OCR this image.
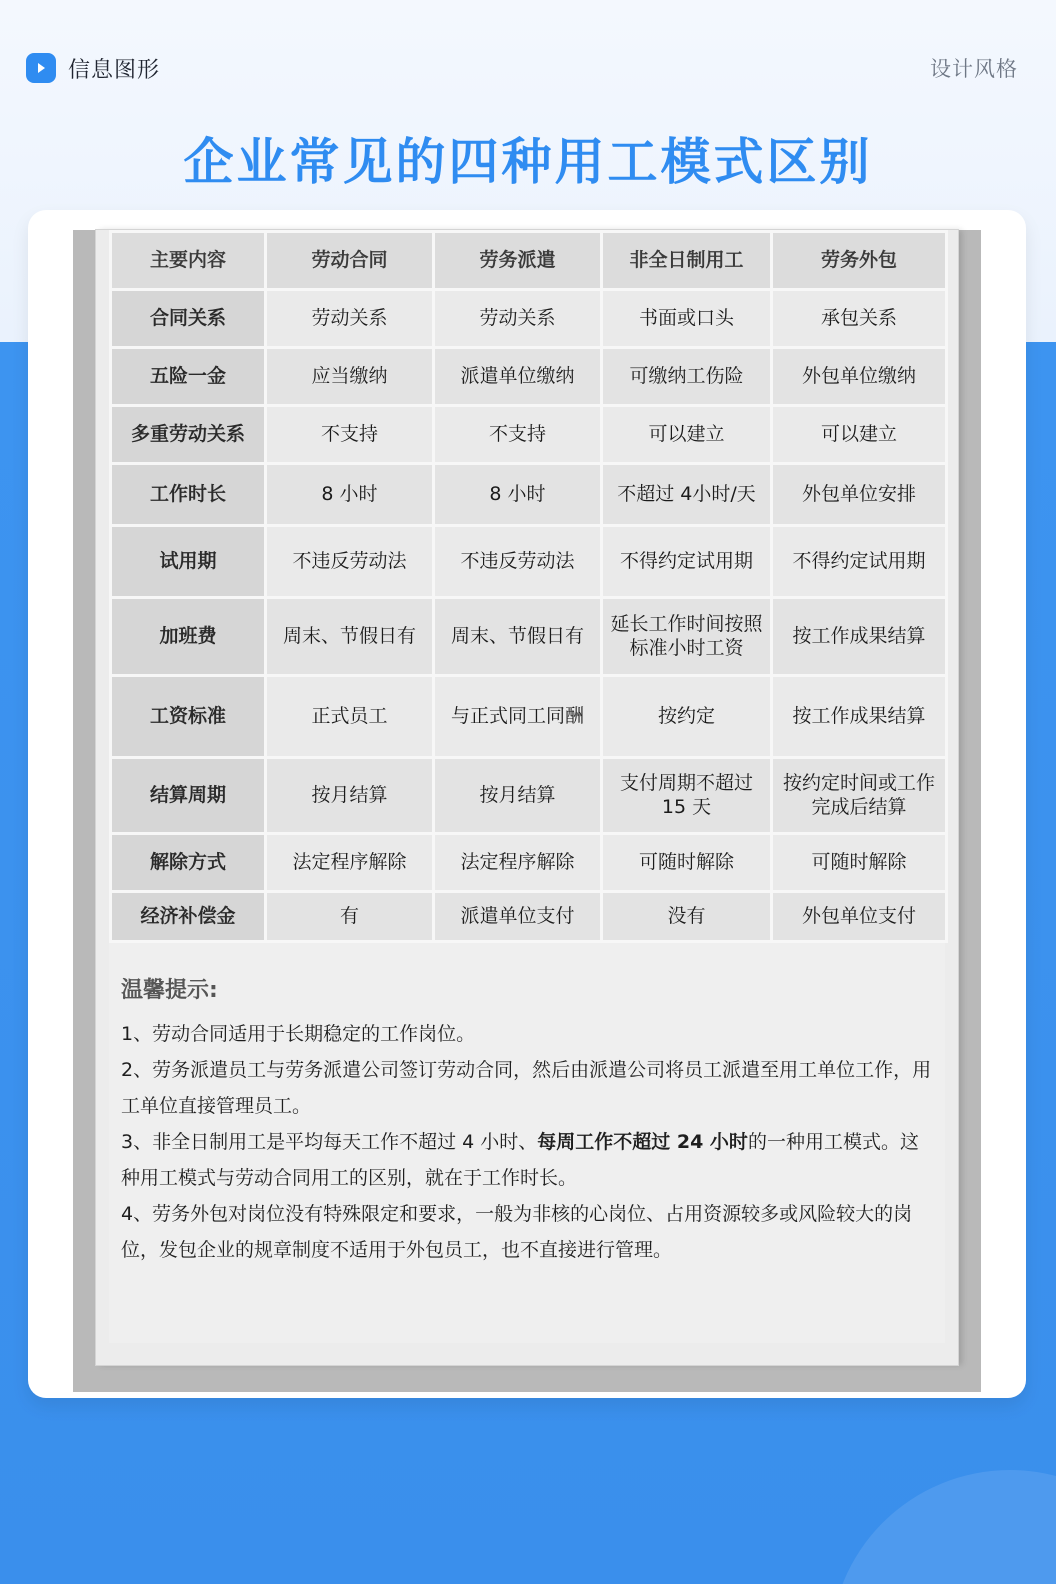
信息图形	设计风格
企业常见的四种用工模式区别
主要内容	劳动合同	劳务派遣	非全日制用工	劳务外包
合同关系	劳动关系	劳动关系	书面或口头	承包关系
五险一金	应当缴纳	派遣单位缴纳	可缴纳工伤险	外包单位缴纳
多重劳动关系	不支持	不支持	可以建立	可以建立
工作时长	8 小时	8 小时	不超过 4小时/天	外包单位安排
试用期	不违反劳动法	不违反劳动法	不得约定试用期	不得约定试用期
加班费	周末、节假日有	周末、节假日有	延长工作时间按照标准小时工资	按工作成果结算
工资标准	正式员工	与正式同工同酬	按约定	按工作成果结算
结算周期	按月结算	按月结算	支付周期不超过 15 天	按约定时间或工作完成后结算
解除方式	法定程序解除	法定程序解除	可随时解除	可随时解除
经济补偿金	有	派遣单位支付	没有	外包单位支付
温馨提示:

1、劳动合同适用于长期稳定的工作岗位。

2、劳务派遣员工与劳务派遣公司签订劳动合同，然后由派遣公司将员工派遣至用工单位工作，用工单位直接管理员工。

3、非全日制用工是平均每天工作不超过 4 小时、每周工作不超过 24 小时的一种用工模式。这种用工模式与劳动合同用工的区别，就在于工作时长。

4、劳务外包对岗位没有特殊限定和要求，一般为非核的心岗位、占用资源较多或风险较大的岗位，发包企业的规章制度不适用于外包员工，也不直接进行管理。
